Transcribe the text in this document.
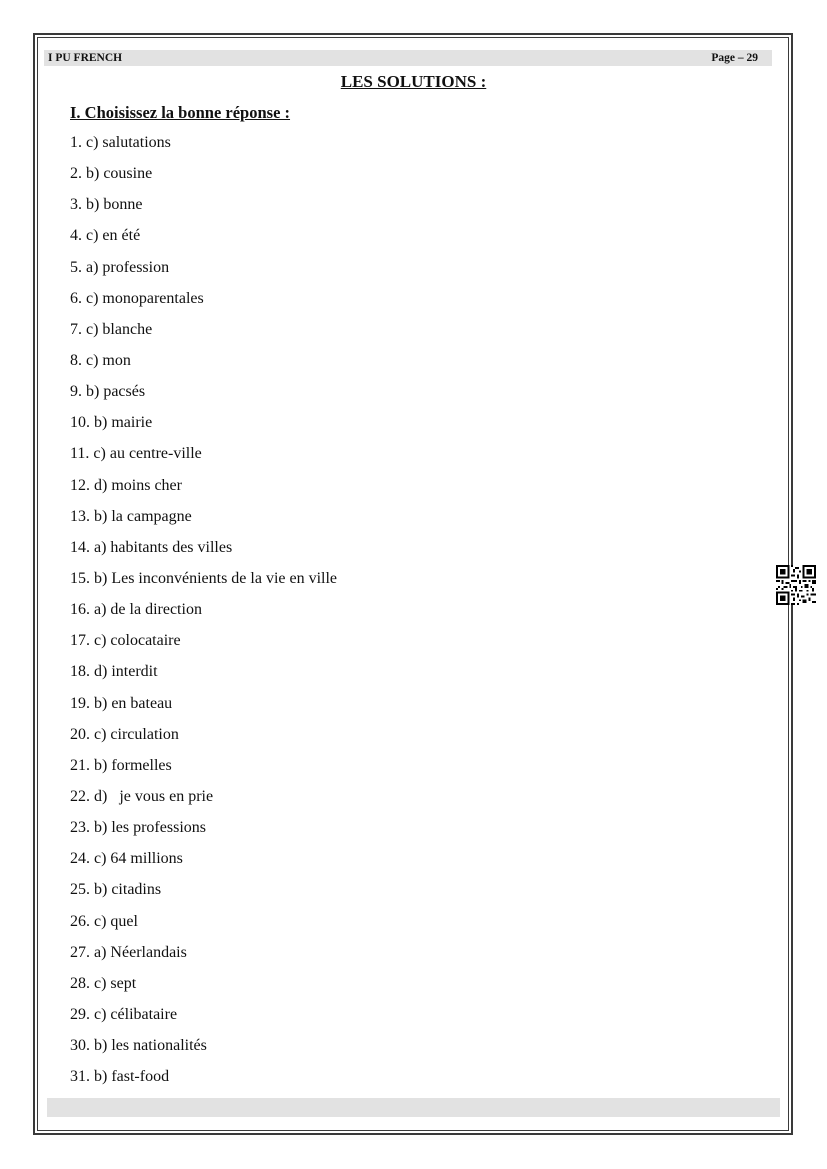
I PU FRENCH	Page – 29
LES SOLUTIONS :
I. Choisissez la bonne réponse :
1. c) salutations
2. b) cousine
3. b) bonne
4. c) en été
5. a) profession
6. c) monoparentales
7. c) blanche
8. c) mon
9. b) pacsés
10. b) mairie
11. c) au centre-ville
12. d) moins cher
13. b) la campagne
14. a) habitants des villes
15. b) Les inconvénients de la vie en ville
16. a) de la direction
17. c) colocataire
18. d) interdit
19. b) en bateau
20. c) circulation
21. b) formelles
22. d)   je vous en prie
23. b) les professions
24. c) 64 millions
25. b) citadins
26. c) quel
27. a) Néerlandais
28. c) sept
29. c) célibataire
30. b) les nationalités
31. b) fast-food
